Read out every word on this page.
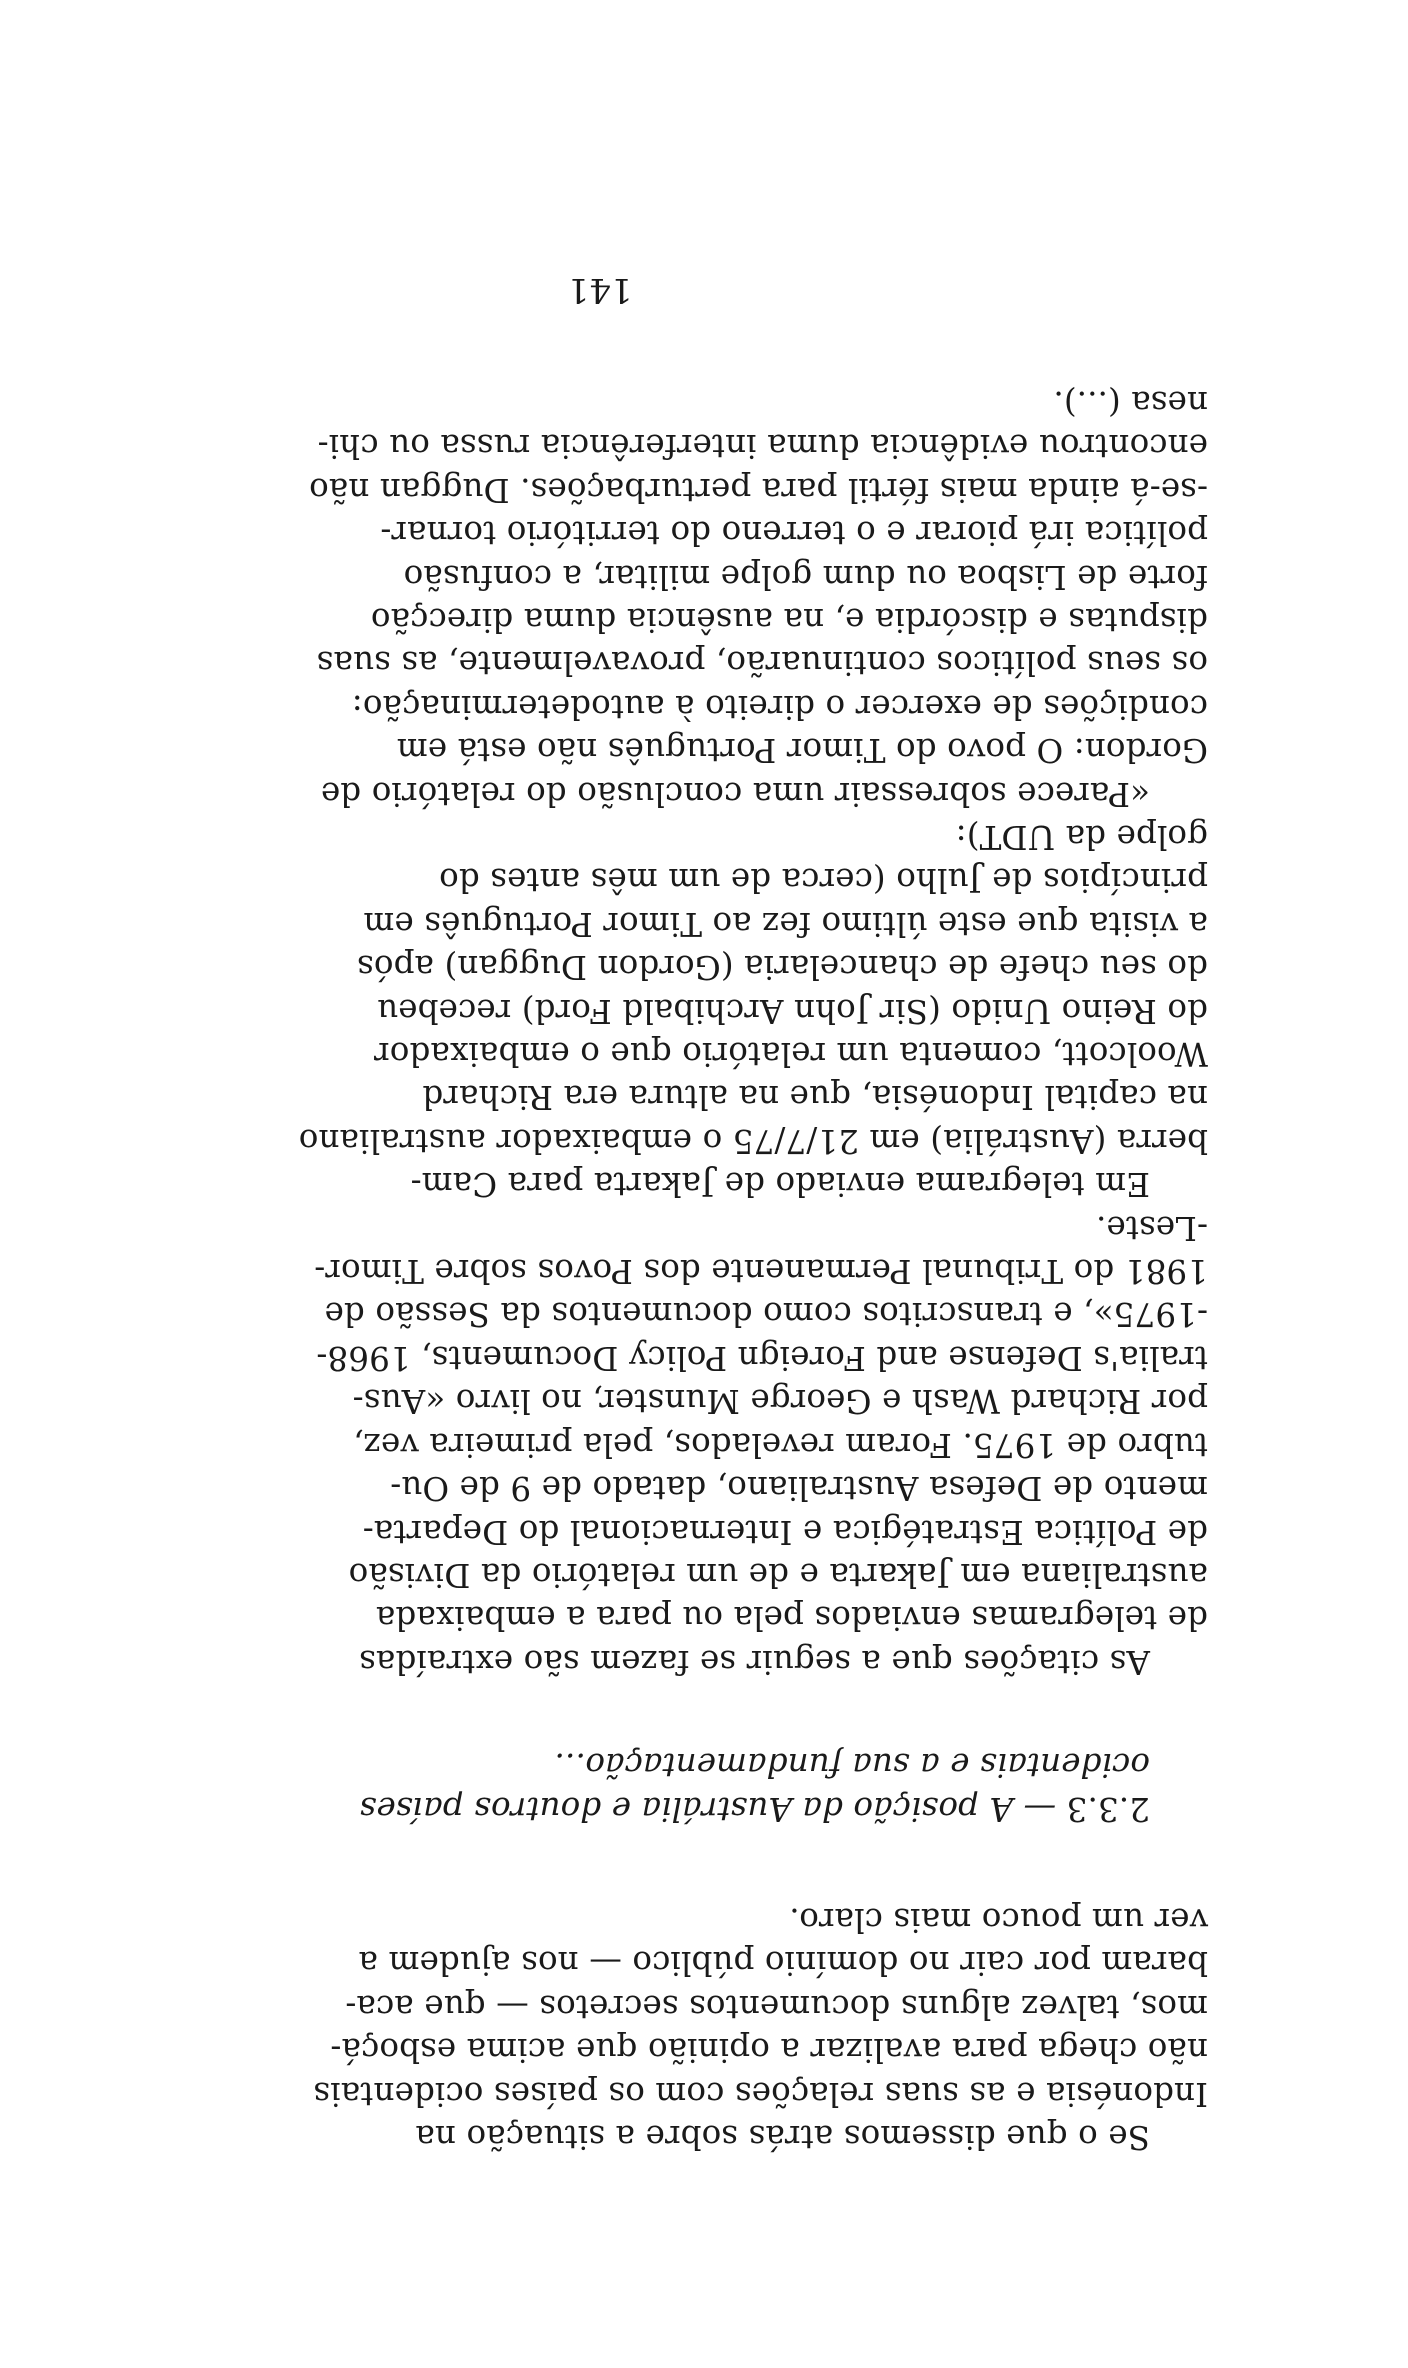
Se o que dissemos atrás sobre a situação na
Indonésia e as suas relações com os países ocidentais
não chega para avalizar a opinião que acima esboçá-
mos, talvez alguns documentos secretos — que aca-
baram por cair no domínio público — nos ajudem a
ver um pouco mais claro.

2.3.3 — A posição da Austrália e doutros países
ocidentais e a sua fundamentação...

As citações que a seguir se fazem são extraídas
de telegramas enviados pela ou para a embaixada
australiana em Jakarta e de um relatório da Divisão
de Política Estratégica e Internacional do Departa-
mento de Defesa Australiano, datado de 9 de Ou-
tubro de 1975. Foram revelados, pela primeira vez,
por Richard Wash e George Munster, no livro «Aus-
tralia's Defense and Foreign Policy Documents, 1968-
-1975», e transcritos como documentos da Sessão de
1981 do Tribunal Permanente dos Povos sobre Timor-
-Leste.

Em telegrama enviado de Jakarta para Cam-
berra (Austrália) em 21/7/75 o embaixador australiano
na capital Indonésia, que na altura era Richard
Woolcott, comenta um relatório que o embaixador
do Reino Unido (Sir John Archibald Ford) recebeu
do seu chefe de chancelaria (Gordon Duggan) após
a visita que este último fez ao Timor Português em
princípios de Julho (cerca de um mês antes do
golpe da UDT):

«Parece sobressair uma conclusão do relatório de
Gordon: O povo do Timor Português não está em
condições de exercer o direito à autodeterminação:
os seus políticos continuarão, provavelmente, as suas
disputas e discórdia e, na ausência duma direcção
forte de Lisboa ou dum golpe militar, a confusão
política irá piorar e o terreno do território tornar-
-se-á ainda mais fértil para perturbações. Duggan não
encontrou evidência duma interferência russa ou chi-
nesa (...).

141
